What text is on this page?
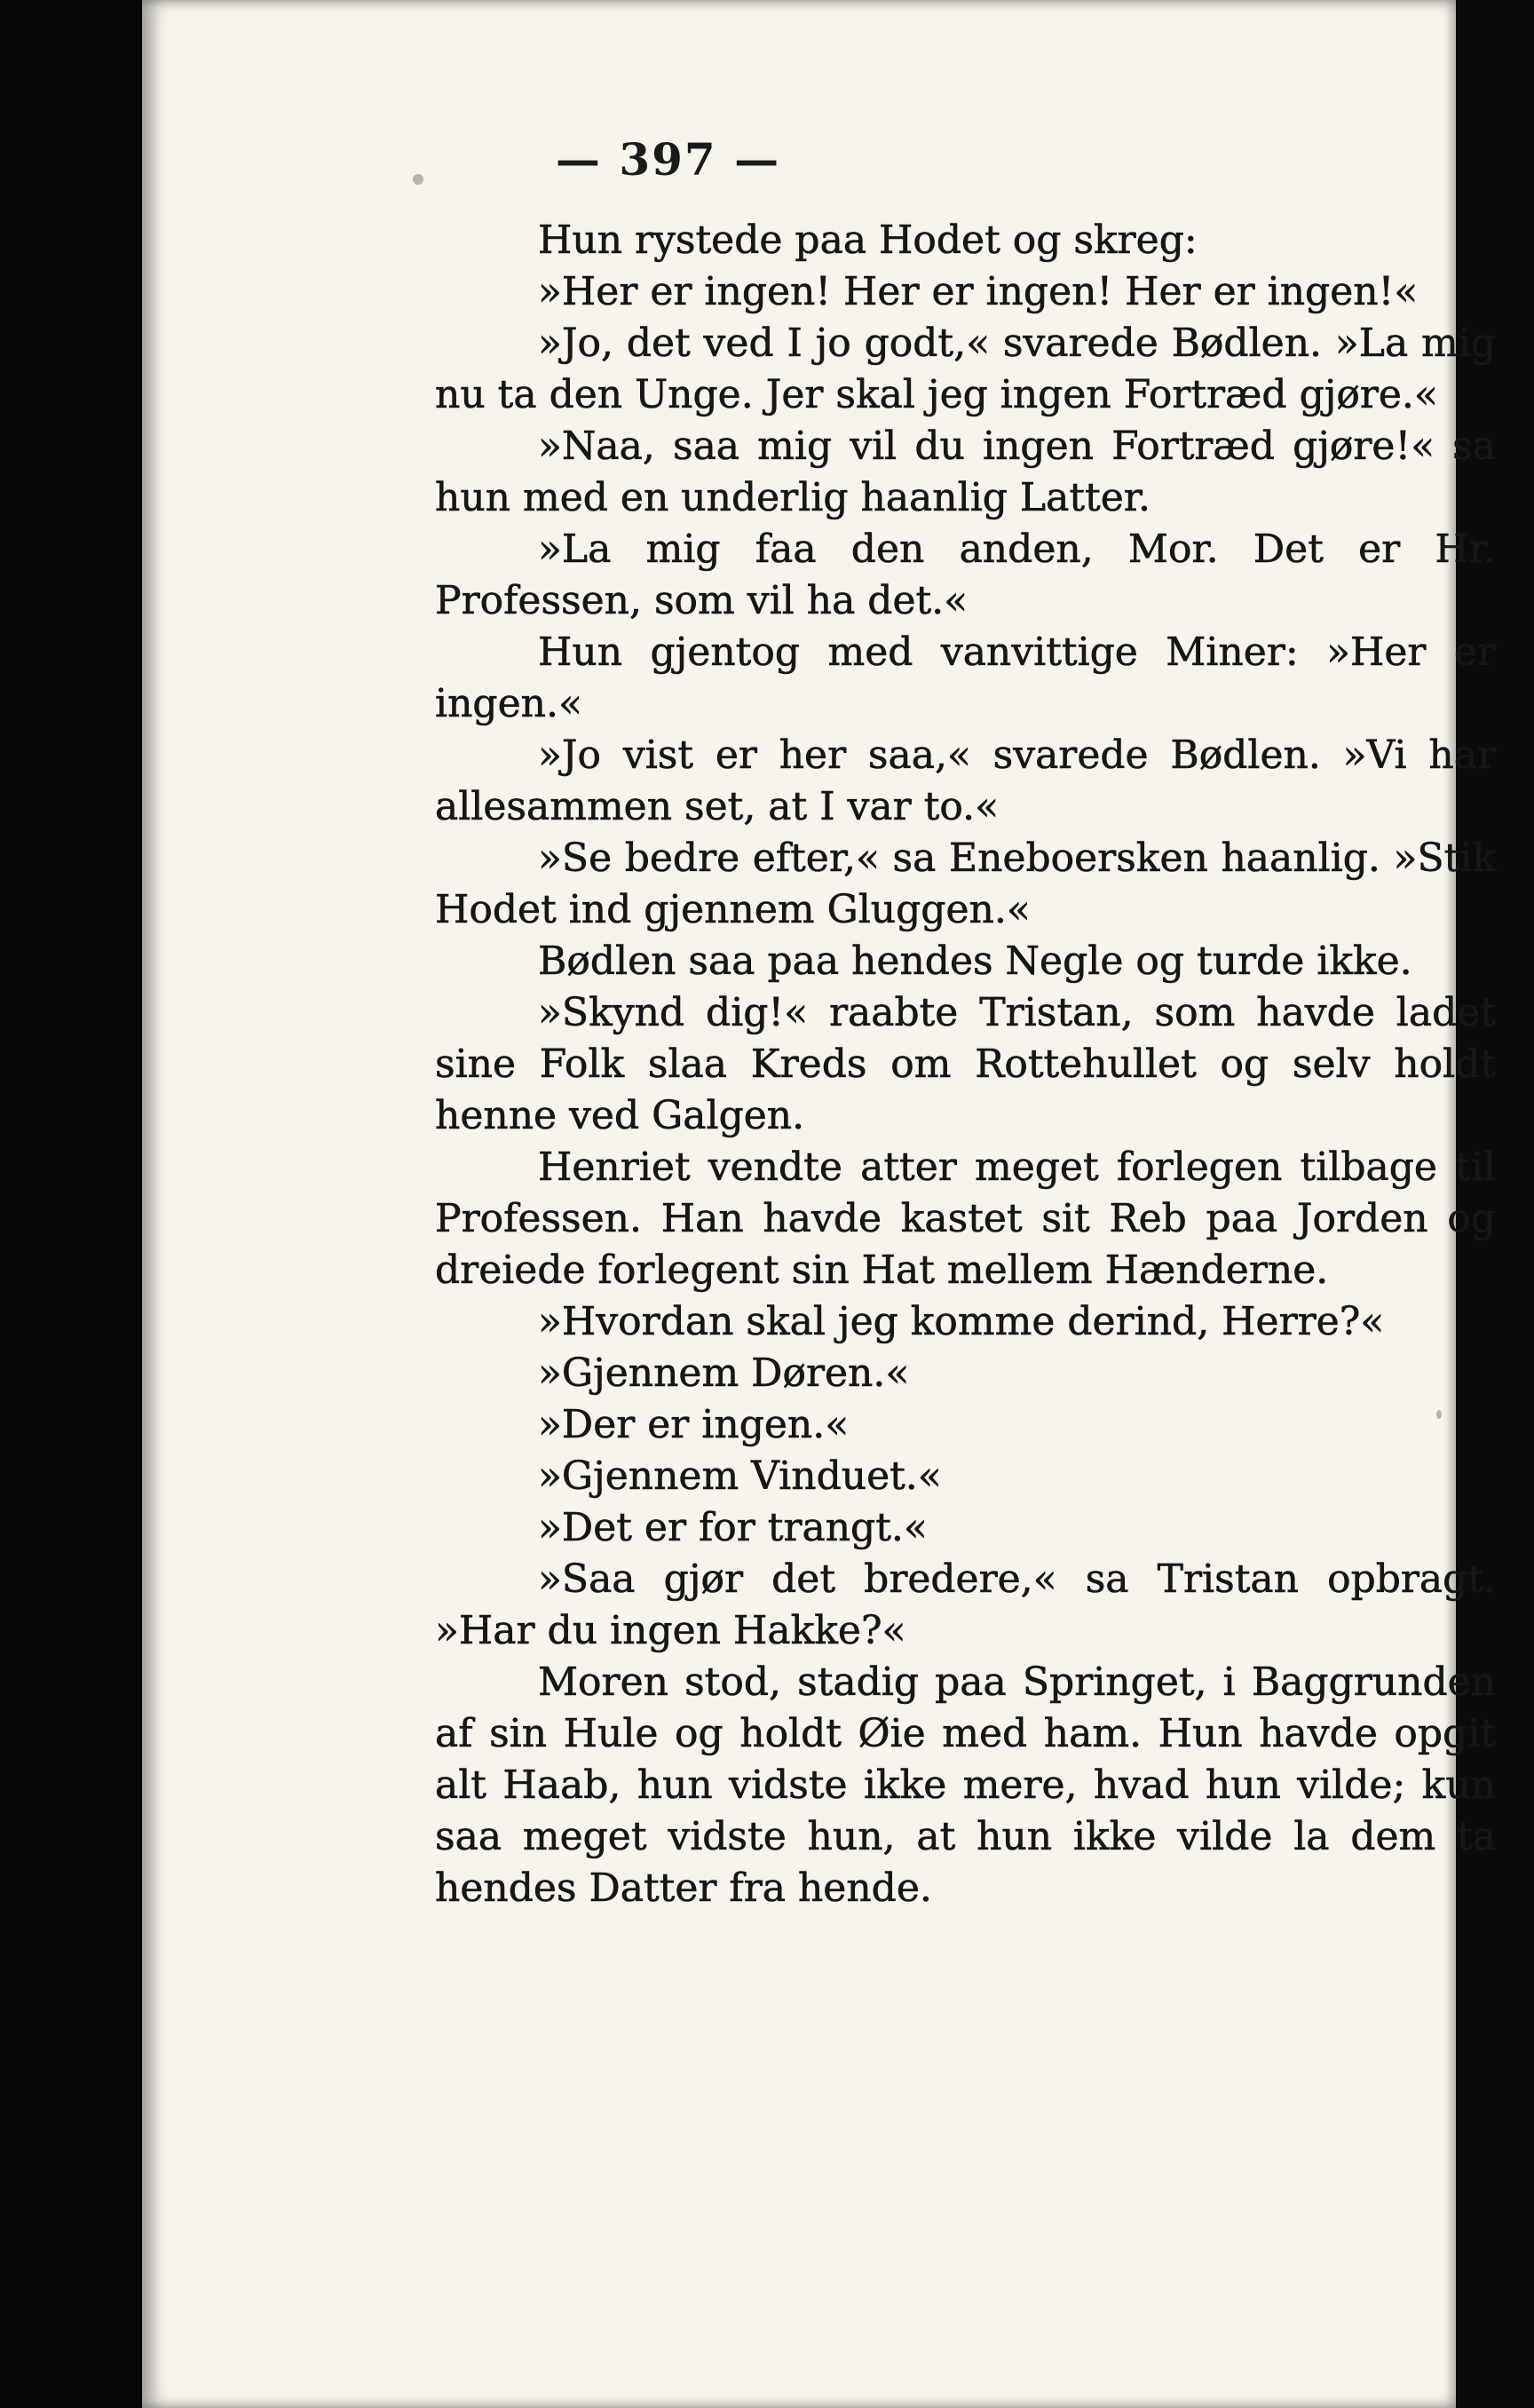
— 397 —

Hun rystede paa Hodet og skreg:

»Her er ingen! Her er ingen! Her er ingen!«

»Jo, det ved I jo godt,« svarede Bødlen. »La mig nu ta den Unge. Jer skal jeg ingen Fortræd gjøre.«

»Naa, saa mig vil du ingen Fortræd gjøre!« sa hun med en underlig haanlig Latter.

»La mig faa den anden, Mor. Det er Hr. Professen, som vil ha det.«

Hun gjentog med vanvittige Miner: »Her er ingen.«

»Jo vist er her saa,« svarede Bødlen. »Vi har allesammen set, at I var to.«

»Se bedre efter,« sa Eneboersken haanlig. »Stik Hodet ind gjennem Gluggen.«

Bødlen saa paa hendes Negle og turde ikke.

»Skynd dig!« raabte Tristan, som havde ladet sine Folk slaa Kreds om Rottehullet og selv holdt henne ved Galgen.

Henriet vendte atter meget forlegen tilbage til Professen. Han havde kastet sit Reb paa Jorden og dreiede forlegent sin Hat mellem Hænderne.

»Hvordan skal jeg komme derind, Herre?«

»Gjennem Døren.«

»Der er ingen.«

»Gjennem Vinduet.«

»Det er for trangt.«

»Saa gjør det bredere,« sa Tristan opbragt. »Har du ingen Hakke?«

Moren stod, stadig paa Springet, i Baggrunden af sin Hule og holdt Øie med ham. Hun havde opgit alt Haab, hun vidste ikke mere, hvad hun vilde; kun saa meget vidste hun, at hun ikke vilde la dem ta hendes Datter fra hende.
